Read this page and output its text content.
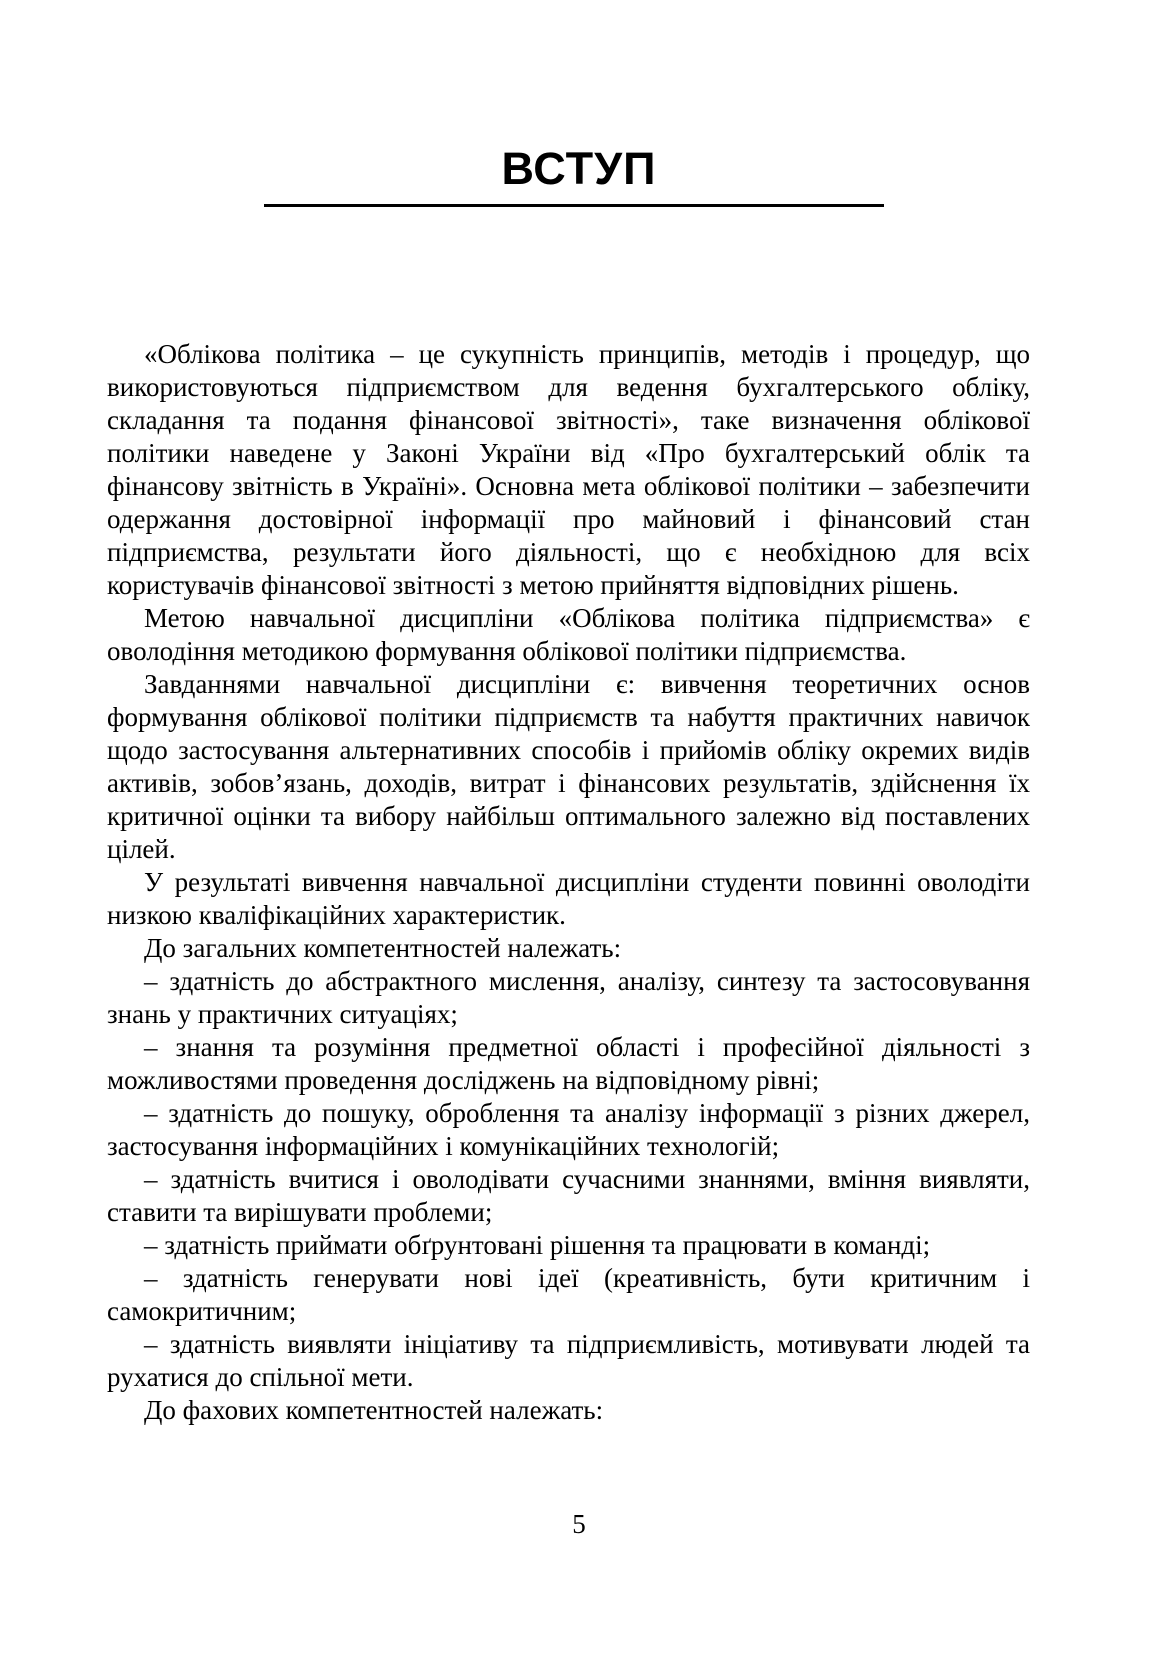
ВСТУП

«Облікова політика – це сукупність принципів, методів і процедур, що використовуються підприємством для ведення бухгалтерського обліку, складання та подання фінансової звітності», таке визначення облікової політики наведене у Законі України від «Про бухгалтерський облік та фінансову звітність в Україні». Основна мета облікової політики – забезпечити одержання достовірної інформації про майновий і фінансовий стан підприємства, результати його діяльності, що є необхідною для всіх користувачів фінансової звітності з метою прийняття відповідних рішень.

Метою навчальної дисципліни «Облікова політика підприємства» є оволодіння методикою формування облікової політики підприємства.

Завданнями навчальної дисципліни є: вивчення теоретичних основ формування облікової політики підприємств та набуття практичних навичок щодо застосування альтернативних способів і прийомів обліку окремих видів активів, зобов’язань, доходів, витрат і фінансових результатів, здійснення їх критичної оцінки та вибору найбільш оптимального залежно від поставлених цілей.

У результаті вивчення навчальної дисципліни студенти повинні оволодіти низкою кваліфікаційних характеристик.

До загальних компетентностей належать:

– здатність до абстрактного мислення, аналізу, синтезу та застосовування знань у практичних ситуаціях;

– знання та розуміння предметної області і професійної діяльності з можливостями проведення досліджень на відповідному рівні;

– здатність до пошуку, оброблення та аналізу інформації з різних джерел, застосування інформаційних і комунікаційних технологій;

– здатність вчитися і оволодівати сучасними знаннями, вміння виявляти, ставити та вирішувати проблеми;

– здатність приймати обґрунтовані рішення та працювати в команді;

– здатність генерувати нові ідеї (креативність, бути критичним і самокритичним;

– здатність виявляти ініціативу та підприємливість, мотивувати людей та рухатися до спільної мети.

До фахових компетентностей належать:

5
